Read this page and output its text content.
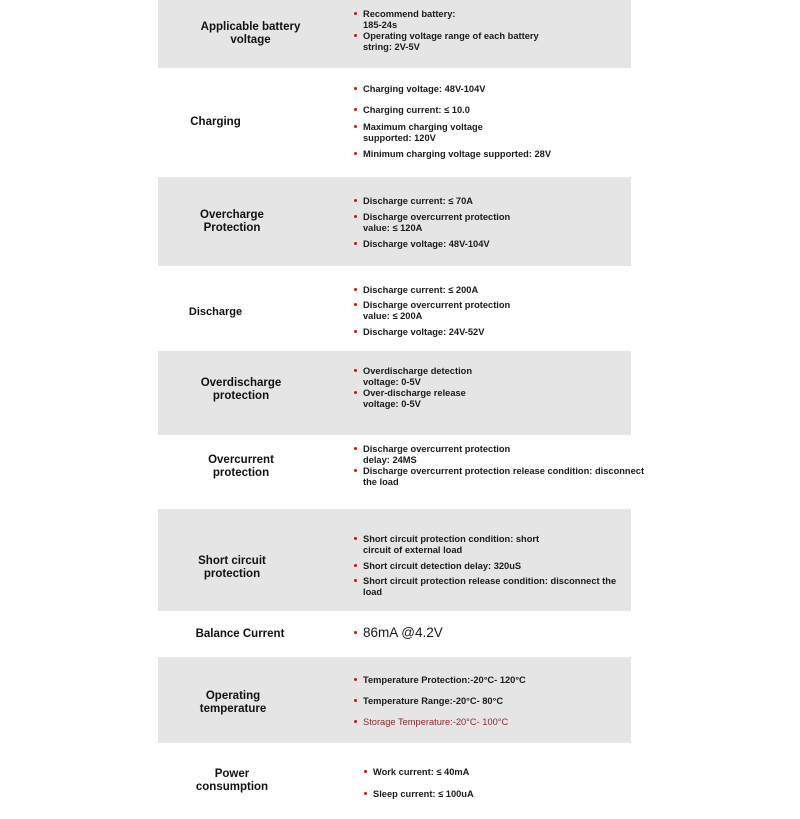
Applicable battery
voltage
Recommend battery:
185-24s
Operating voltage range of each battery
string: 2V-5V
Charging
Charging voltage: 48V-104V
Charging current: ≤ 10.0
Maximum charging voltage
supported: 120V
Minimum charging voltage supported: 28V
Overcharge
Protection
Discharge current: ≤ 70A
Discharge overcurrent protection
value: ≤ 120A
Discharge voltage: 48V-104V
Discharge
Discharge current: ≤ 200A
Discharge overcurrent protection
value: ≤ 200A
Discharge voltage: 24V-52V
Overdischarge
protection
Overdischarge detection
voltage: 0-5V
Over-discharge release
voltage: 0-5V
Overcurrent
protection
Discharge overcurrent protection
delay: 24MS
Discharge overcurrent protection release condition: disconnect
the load
Short circuit
protection
Short circuit protection condition: short
circuit of external load
Short circuit detection delay: 320uS
Short circuit protection release condition: disconnect the
load
Balance Current	86mA @4.2V
Operating
temperature
Temperature Protection:-20°C- 120°C
Temperature Range:-20°C- 80°C
Storage Temperature:-20°C- 100°C
Power
consumption
Work current: ≤ 40mA
Sleep current: ≤ 100uA
